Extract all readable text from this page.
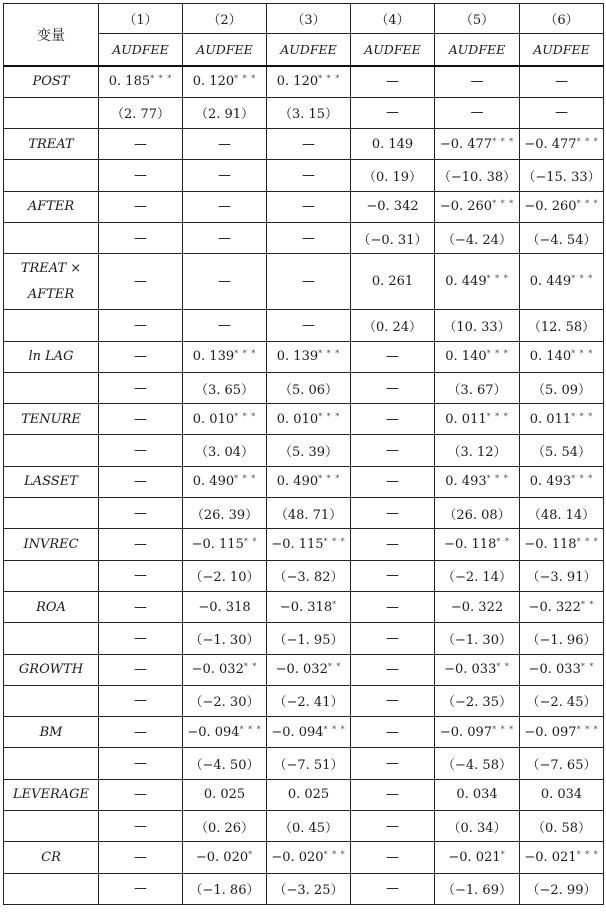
变量	（1）	（2）	（3）	（4）	（5）	（6）
	AUDFEE	AUDFEE	AUDFEE	AUDFEE	AUDFEE	AUDFEE

POST	0. 185* * *	0. 120* * *	0. 120* * *	—	—	—
	（2. 77）	（2. 91）	（3. 15）	—	—	—

TREAT	—	—	—	0. 149	−0. 477* * *	−0. 477* * *
	—	—	—	（0. 19）	（−10. 38）	（−15. 33）

AFTER	—	—	—	−0. 342	−0. 260* * *	−0. 260* * *
	—	—	—	（−0. 31）	（−4. 24）	（−4. 54）

TREAT ×
AFTER	—	—	—	0. 261	0. 449* * *	0. 449* * *
	—	—	—	（0. 24）	（10. 33）	（12. 58）

ln LAG	—	0. 139* * *	0. 139* * *	—	0. 140* * *	0. 140* * *
	—	（3. 65）	（5. 06）	—	（3. 67）	（5. 09）

TENURE	—	0. 010* * *	0. 010* * *	—	0. 011* * *	0. 011* * *
	—	（3. 04）	（5. 39）	—	（3. 12）	（5. 54）

LASSET	—	0. 490* * *	0. 490* * *	—	0. 493* * *	0. 493* * *
	—	（26. 39）	（48. 71）	—	（26. 08）	（48. 14）

INVREC	—	−0. 115* *	−0. 115* * *	—	−0. 118* *	−0. 118* * *
	—	（−2. 10）	（−3. 82）	—	（−2. 14）	（−3. 91）

ROA	—	−0. 318	−0. 318*	—	−0. 322	−0. 322* *
	—	（−1. 30）	（−1. 95）	—	（−1. 30）	（−1. 96）

GROWTH	—	−0. 032* *	−0. 032* *	—	−0. 033* *	−0. 033* *
	—	（−2. 30）	（−2. 41）	—	（−2. 35）	（−2. 45）

BM	—	−0. 094* * *	−0. 094* * *	—	−0. 097* * *	−0. 097* * *
	—	（−4. 50）	（−7. 51）	—	（−4. 58）	（−7. 65）

LEVERAGE	—	0. 025	0. 025	—	0. 034	0. 034
	—	（0. 26）	（0. 45）	—	（0. 34）	（0. 58）

CR	—	−0. 020*	−0. 020* * *	—	−0. 021*	−0. 021* * *
	—	（−1. 86）	（−3. 25）	—	（−1. 69）	（−2. 99）
